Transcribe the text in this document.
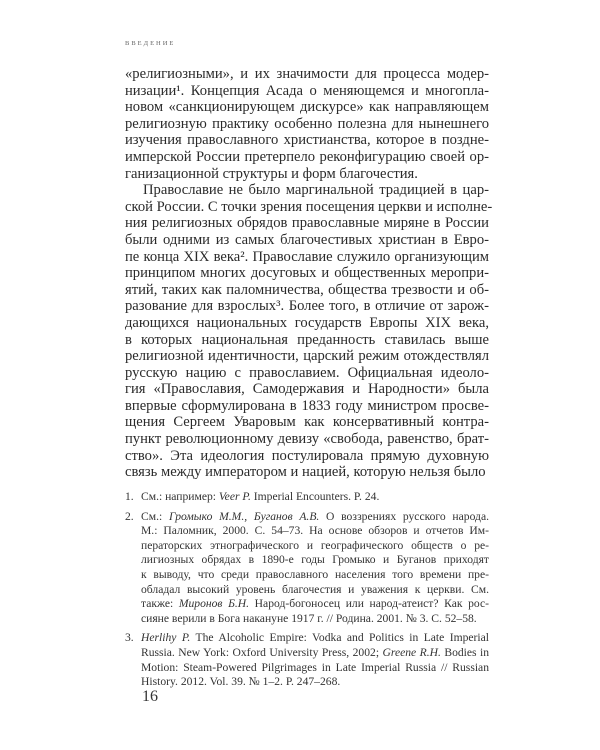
ВВЕДЕНИЕ
«религиозными», и их значимости для процесса модер-
низации¹. Концепция Асада о меняющемся и многопла-
новом «санкционирующем дискурсе» как направляющем
религиозную практику особенно полезна для нынешнего
изучения православного христианства, которое в поздне-
имперской России претерпело реконфигурацию своей ор-
ганизационной структуры и форм благочестия.
Православие не было маргинальной традицией в цар-
ской России. С точки зрения посещения церкви и исполне-
ния религиозных обрядов православные миряне в России
были одними из самых благочестивых христиан в Евро-
пе конца XIX века². Православие служило организующим
принципом многих досуговых и общественных меропри-
ятий, таких как паломничества, общества трезвости и об-
разование для взрослых³. Более того, в отличие от зарож-
дающихся национальных государств Европы XIX века,
в которых национальная преданность ставилась выше
религиозной идентичности, царский режим отождествлял
русскую нацию с православием. Официальная идеоло-
гия «Православия, Самодержавия и Народности» была
впервые сформулирована в 1833 году министром просве-
щения Сергеем Уваровым как консервативный контра-
пункт революционному девизу «свобода, равенство, брат-
ство». Эта идеология постулировала прямую духовную
связь между императором и нацией, которую нельзя было
1. См.: например: Veer P. Imperial Encounters. P. 24.
2. См.: Громыко М.М., Буганов А.В. О воззрениях русского народа.
М.: Паломник, 2000. С. 54–73. На основе обзоров и отчетов Им-
ператорских этнографического и географического обществ о ре-
лигиозных обрядах в 1890-е годы Громыко и Буганов приходят
к выводу, что среди православного населения того времени пре-
обладал высокий уровень благочестия и уважения к церкви. См.
также: Миронов Б.Н. Народ-богоносец или народ-атеист? Как рос-
сияне верили в Бога накануне 1917 г. // Родина. 2001. № 3. С. 52–58.
3. Herlihy P. The Alcoholic Empire: Vodka and Politics in Late Imperial
Russia. New York: Oxford University Press, 2002; Greene R.H. Bodies in
Motion: Steam-Powered Pilgrimages in Late Imperial Russia // Russian
History. 2012. Vol. 39. № 1–2. P. 247–268.
16
